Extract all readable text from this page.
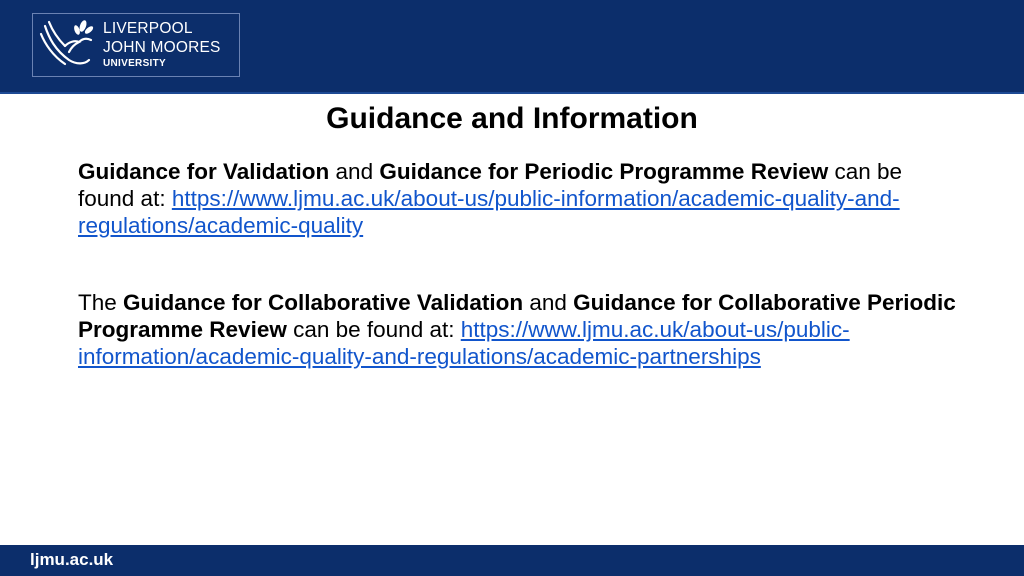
LIVERPOOL
JOHN MOORES
UNIVERSITY
Guidance and Information

Guidance for Validation and Guidance for Periodic Programme Review can be found at: https://www.ljmu.ac.uk/about-us/public-information/academic-quality-and-regulations/academic-quality

The Guidance for Collaborative Validation and Guidance for Collaborative Periodic Programme Review can be found at: https://www.ljmu.ac.uk/about-us/public-information/academic-quality-and-regulations/academic-partnerships

ljmu.ac.uk
